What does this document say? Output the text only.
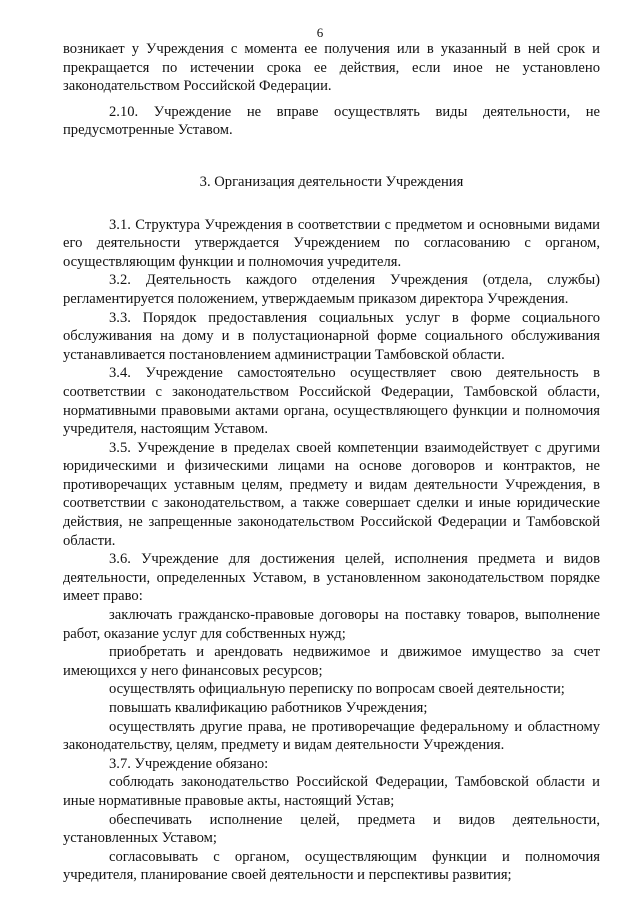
6

возникает у Учреждения с момента ее получения или в указанный в ней срок и прекращается по истечении срока ее действия, если иное не установлено законодательством Российской Федерации.

2.10. Учреждение не вправе осуществлять виды деятельности, не предусмотренные Уставом.

3. Организация деятельности Учреждения

3.1. Структура Учреждения в соответствии с предметом и основными видами его деятельности утверждается Учреждением по согласованию с органом, осуществляющим функции и полномочия учредителя.

3.2. Деятельность каждого отделения Учреждения (отдела, службы) регламентируется положением, утверждаемым приказом директора Учреждения.

3.3. Порядок предоставления социальных услуг в форме социального обслуживания на дому и в полустационарной форме социального обслуживания устанавливается постановлением администрации Тамбовской области.

3.4. Учреждение самостоятельно осуществляет свою деятельность в соответствии с законодательством Российской Федерации, Тамбовской области, нормативными правовыми актами органа, осуществляющего функции и полномочия учредителя, настоящим Уставом.

3.5. Учреждение в пределах своей компетенции взаимодействует с другими юридическими и физическими лицами на основе договоров и контрактов, не противоречащих уставным целям, предмету и видам деятельности Учреждения, в соответствии с законодательством, а также совершает сделки и иные юридические действия, не запрещенные законодательством Российской Федерации и Тамбовской области.

3.6. Учреждение для достижения целей, исполнения предмета и видов деятельности, определенных Уставом, в установленном законодательством порядке имеет право:

заключать гражданско-правовые договоры на поставку товаров, выполнение работ, оказание услуг для собственных нужд;

приобретать и арендовать недвижимое и движимое имущество за счет имеющихся у него финансовых ресурсов;

осуществлять официальную переписку по вопросам своей деятельности;

повышать квалификацию работников Учреждения;

осуществлять другие права, не противоречащие федеральному и областному законодательству, целям, предмету и видам деятельности Учреждения.

3.7. Учреждение обязано:

соблюдать законодательство Российской Федерации, Тамбовской области и иные нормативные правовые акты, настоящий Устав;

обеспечивать исполнение целей, предмета и видов деятельности, установленных Уставом;

согласовывать с органом, осуществляющим функции и полномочия учредителя, планирование своей деятельности и перспективы развития;
